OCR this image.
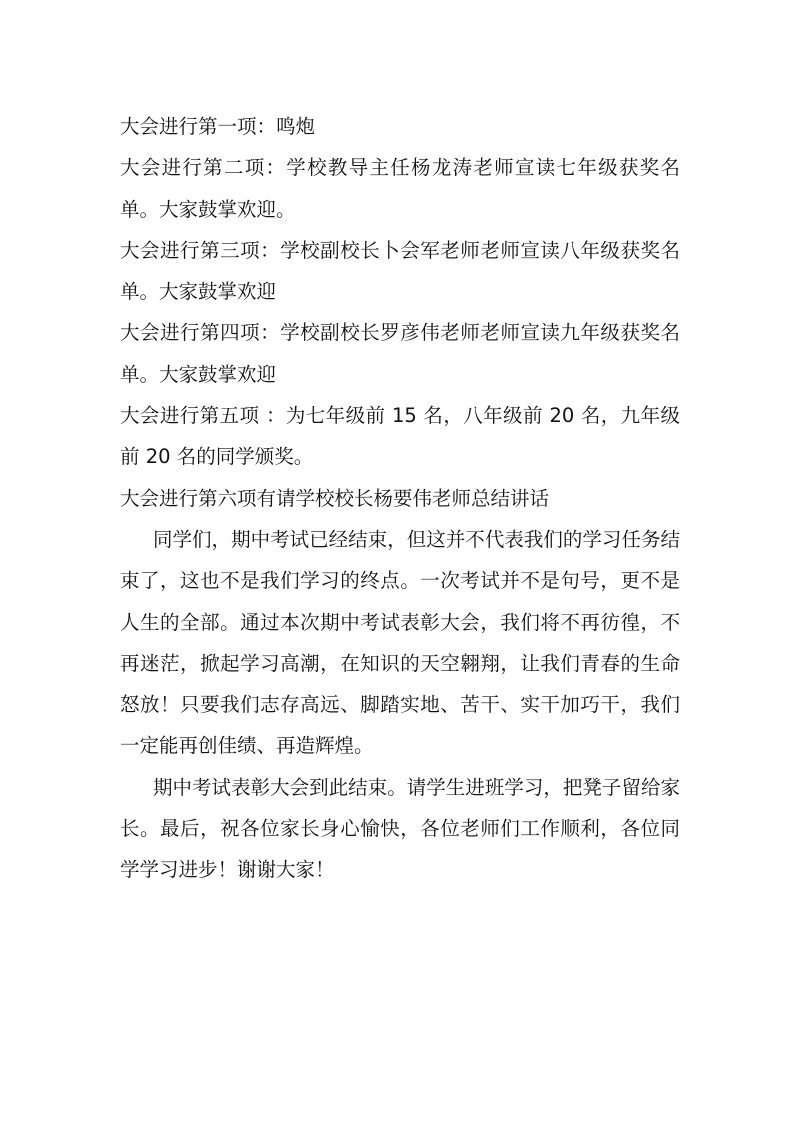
大会进行第一项：鸣炮

大会进行第二项：学校教导主任杨龙涛老师宣读七年级获奖名单。大家鼓掌欢迎。

大会进行第三项：学校副校长卜会军老师老师宣读八年级获奖名单。大家鼓掌欢迎

大会进行第四项：学校副校长罗彦伟老师老师宣读九年级获奖名单。大家鼓掌欢迎

大会进行第五项 ：为七年级前 15 名，八年级前 20 名，九年级前 20 名的同学颁奖。

大会进行第六项有请学校校长杨要伟老师总结讲话

同学们，期中考试已经结束，但这并不代表我们的学习任务结束了，这也不是我们学习的终点。一次考试并不是句号，更不是人生的全部。通过本次期中考试表彰大会，我们将不再彷徨，不再迷茫，掀起学习高潮，在知识的天空翱翔，让我们青春的生命怒放！只要我们志存高远、脚踏实地、苦干、实干加巧干，我们一定能再创佳绩、再造辉煌。

期中考试表彰大会到此结束。请学生进班学习，把凳子留给家长。最后，祝各位家长身心愉快，各位老师们工作顺利，各位同学学习进步！谢谢大家！
